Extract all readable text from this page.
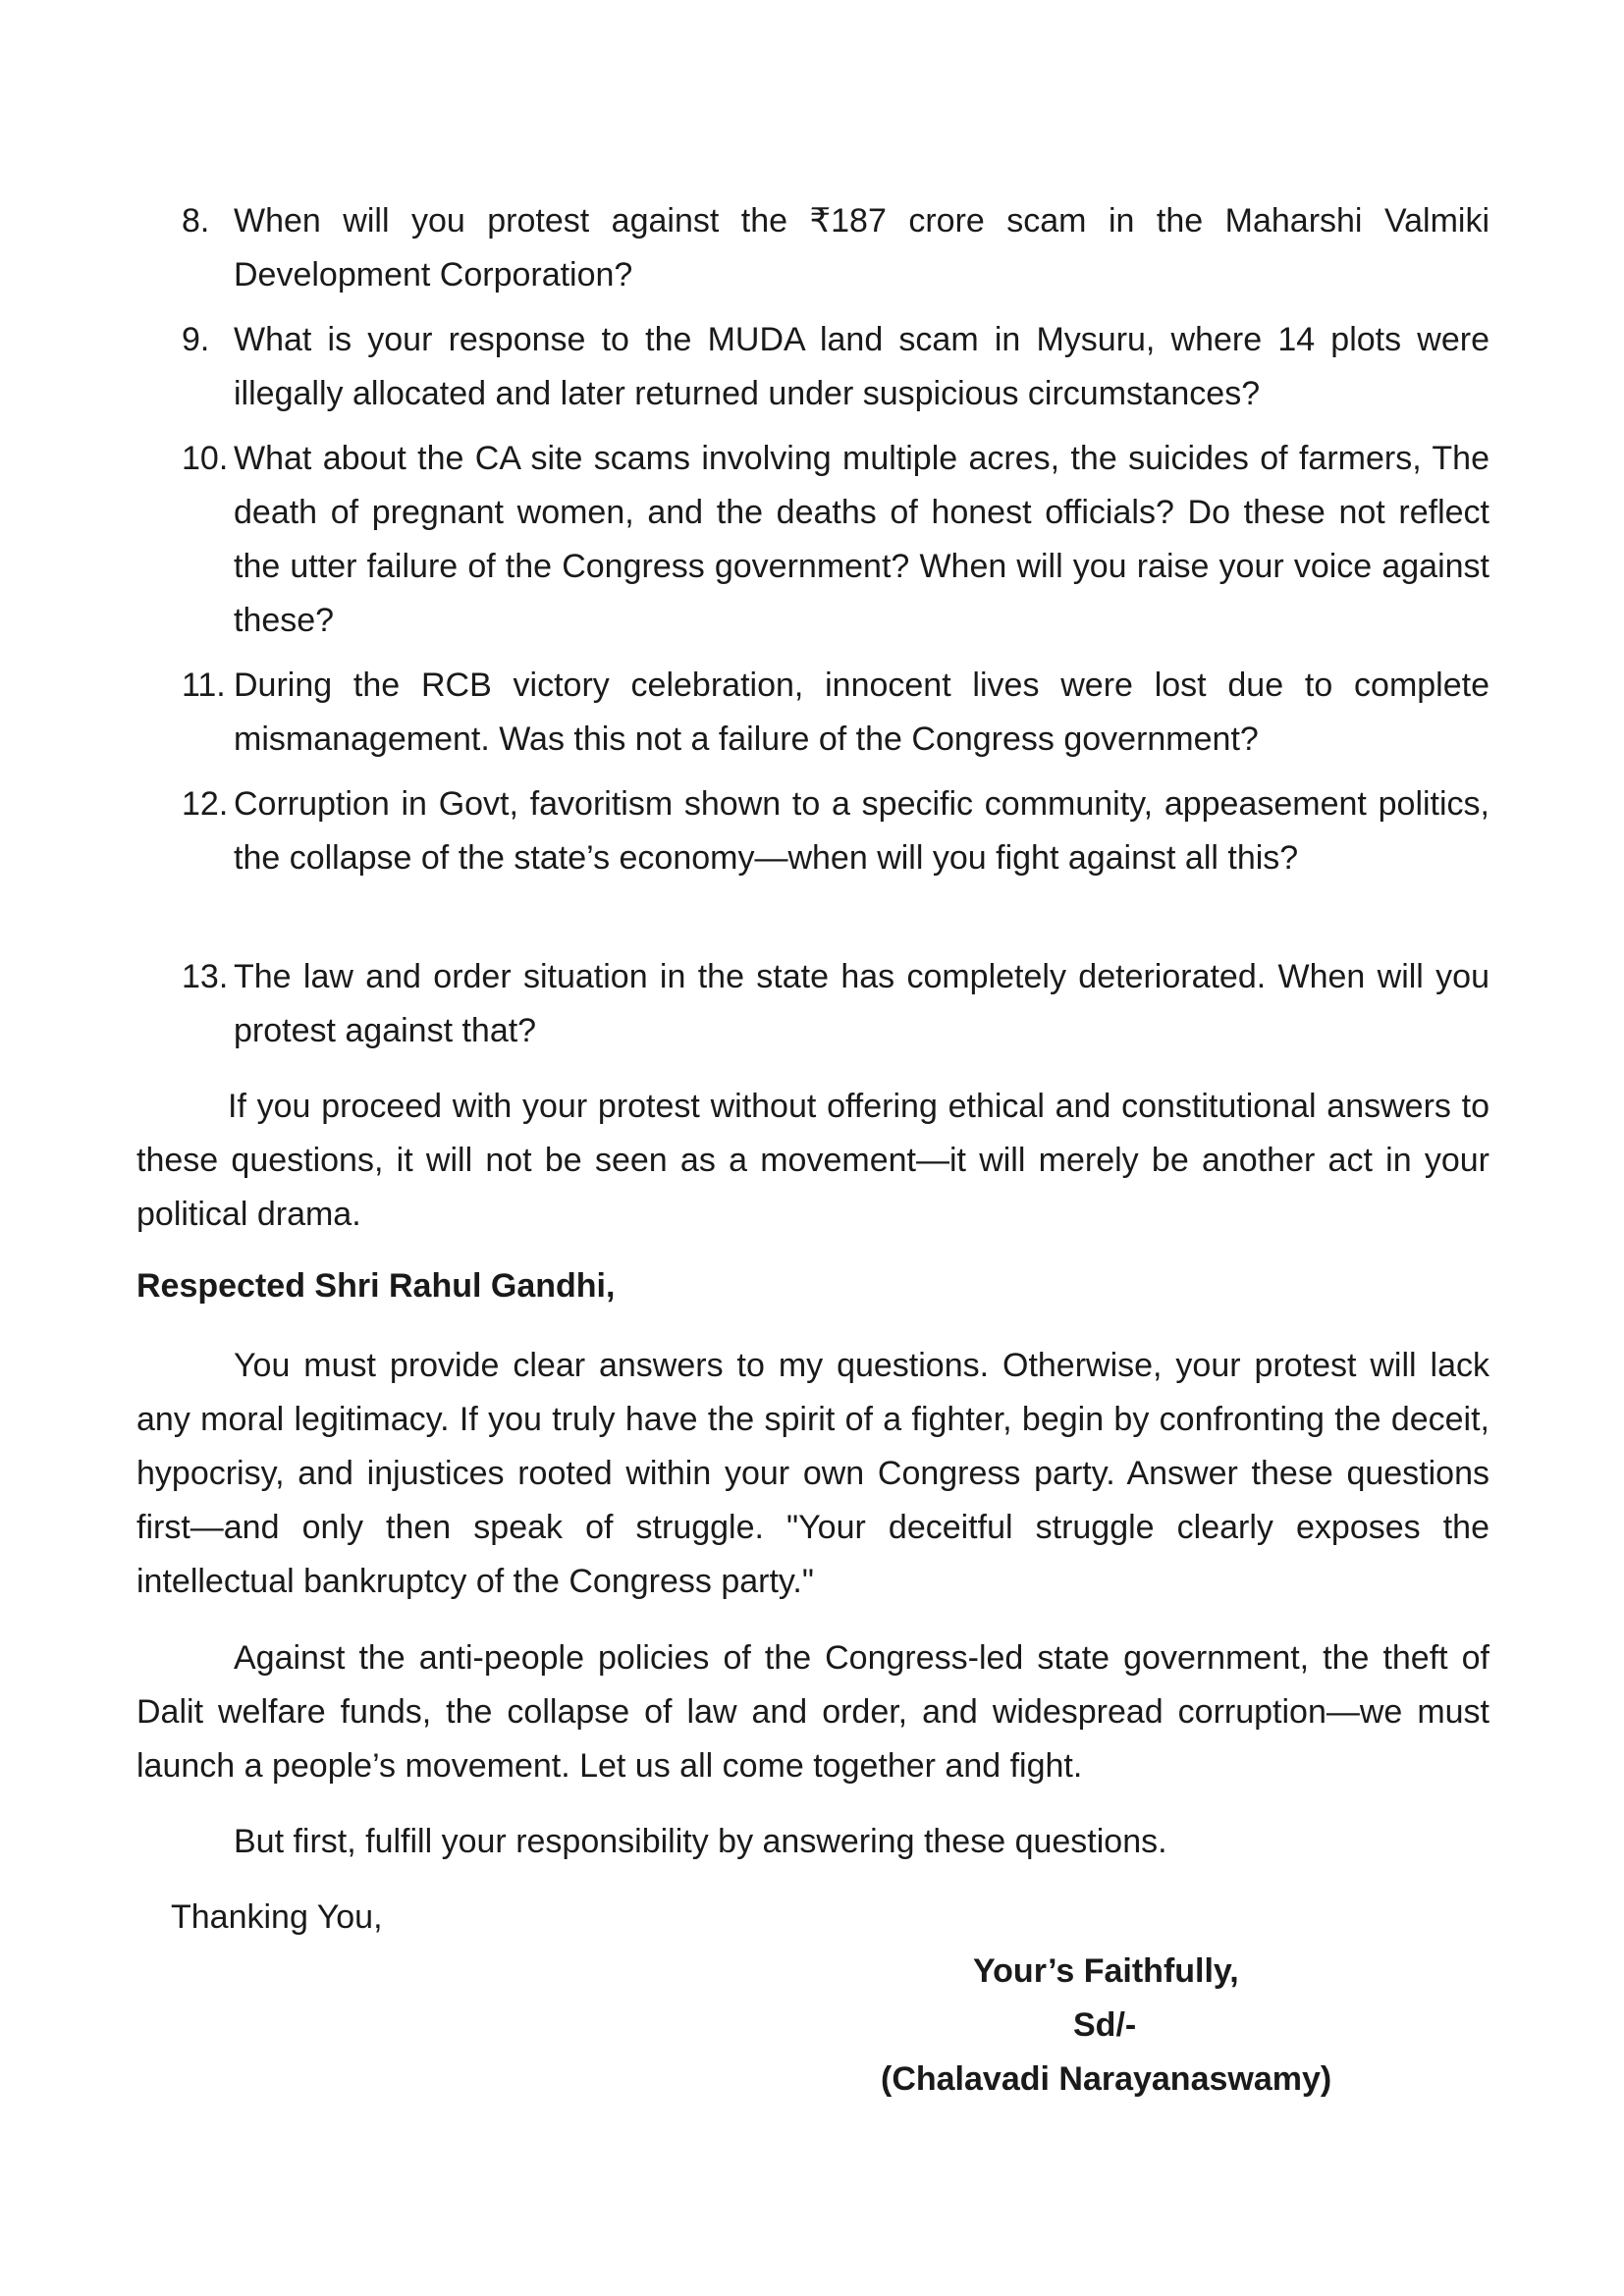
8. When will you protest against the ₹187 crore scam in the Maharshi Valmiki Development Corporation?
9. What is your response to the MUDA land scam in Mysuru, where 14 plots were illegally allocated and later returned under suspicious circumstances?
10. What about the CA site scams involving multiple acres, the suicides of farmers, The death of pregnant women, and the deaths of honest officials? Do these not reflect the utter failure of the Congress government? When will you raise your voice against these?
11. During the RCB victory celebration, innocent lives were lost due to complete mismanagement. Was this not a failure of the Congress government?
12. Corruption in Govt, favoritism shown to a specific community, appeasement politics, the collapse of the state’s economy—when will you fight against all this?
13. The law and order situation in the state has completely deteriorated. When will you protest against that?
If you proceed with your protest without offering ethical and constitutional answers to these questions, it will not be seen as a movement—it will merely be another act in your political drama.
Respected Shri Rahul Gandhi,
You must provide clear answers to my questions. Otherwise, your protest will lack any moral legitimacy. If you truly have the spirit of a fighter, begin by confronting the deceit, hypocrisy, and injustices rooted within your own Congress party. Answer these questions first—and only then speak of struggle. "Your deceitful struggle clearly exposes the intellectual bankruptcy of the Congress party."
Against the anti-people policies of the Congress-led state government, the theft of Dalit welfare funds, the collapse of law and order, and widespread corruption—we must launch a people’s movement. Let us all come together and fight.
But first, fulfill your responsibility by answering these questions.
Thanking You,
Your’s Faithfully,
Sd/-
(Chalavadi Narayanaswamy)
